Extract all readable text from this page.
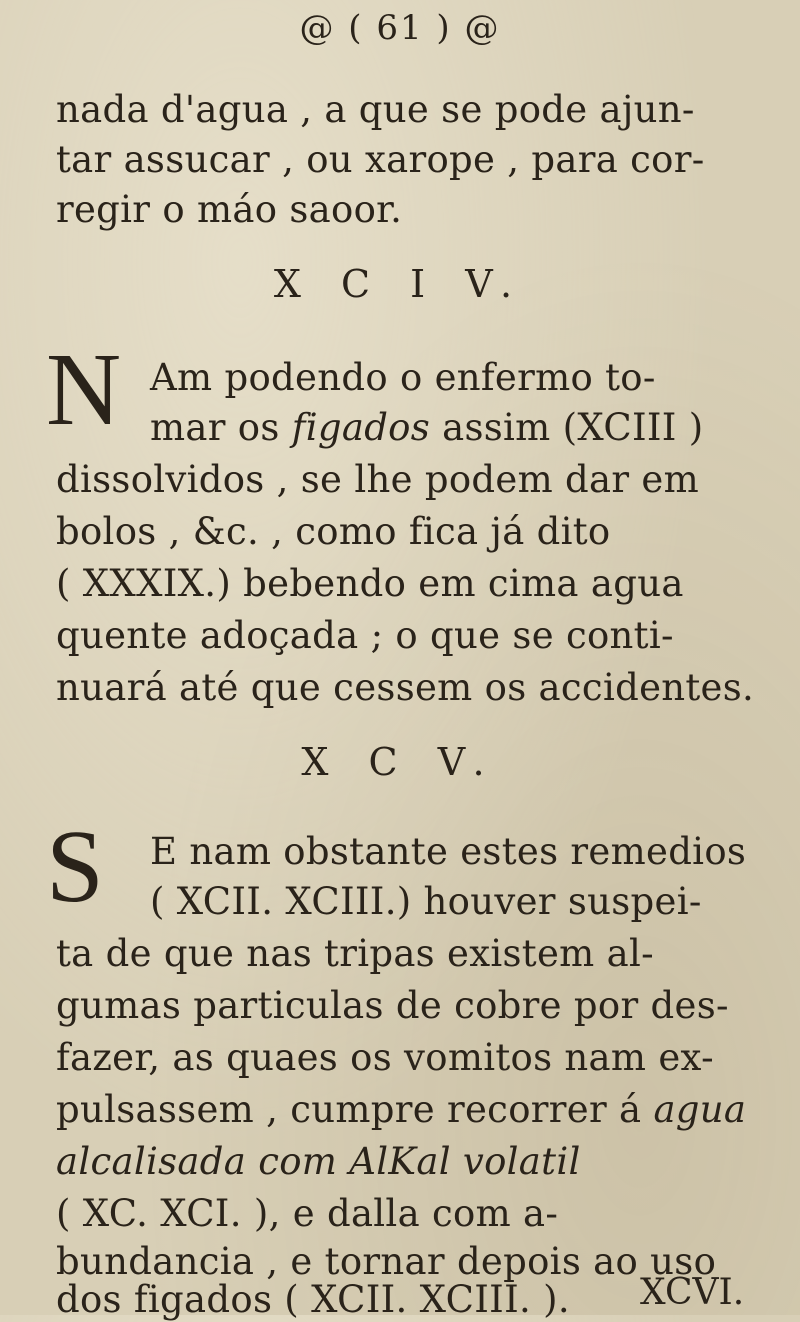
@ ( 61 ) @
nada d'agua , a que se pode ajun-
tar assucar , ou xarope , para cor-
regir o máo saoor.
X C I V.
N Am podendo o enfermo to-
mar os figados assim (XCIII )
dissolvidos , se lhe podem dar em
bolos , &c. , como fica já dito
( XXXIX.) bebendo em cima agua
quente adoçada ; o que se conti-
nuará até que cessem os accidentes.
X C V.
S E nam obstante estes remedios
( XCII. XCIII.) houver suspei-
ta de que nas tripas existem al-
gumas particulas de cobre por des-
fazer, as quaes os vomitos nam ex-
pulsassem , cumpre recorrer á agua
alcalisada com AlKal volatil
( XC. XCI. ), e dalla com a-
bundancia , e tornar depois ao uso
dos figados ( XCII. XCIII. ).	XCVI.
